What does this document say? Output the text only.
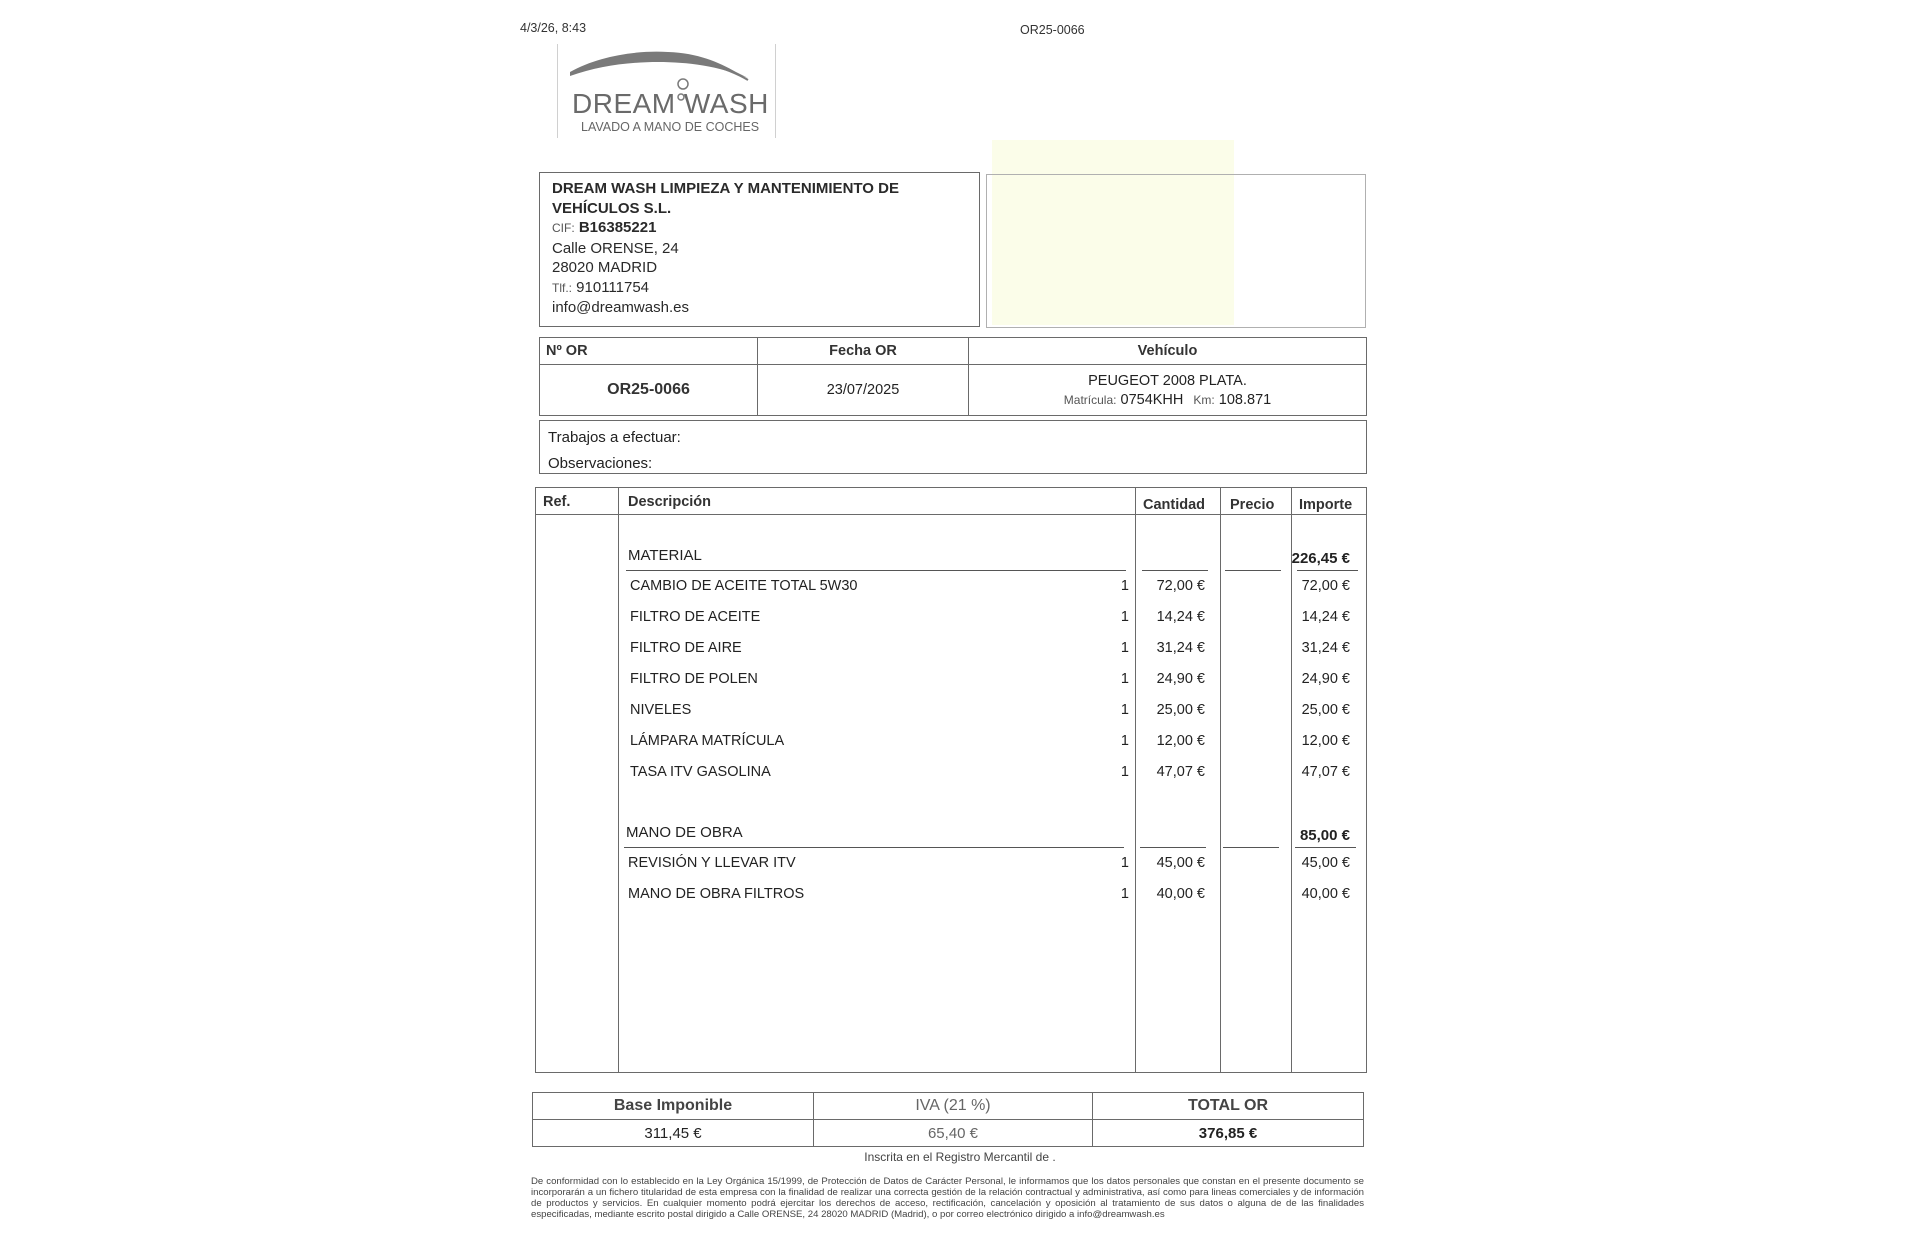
4/3/26, 8:43	OR25-0066
DREAM WASH
LAVADO A MANO DE COCHES
DREAM WASH LIMPIEZA Y MANTENIMIENTO DE VEHÍCULOS S.L.
CIF: B16385221
Calle ORENSE, 24
28020 MADRID
Tlf.: 910111754
info@dreamwash.es
Nº OR	Fecha OR	Vehículo
OR25-0066	23/07/2025	PEUGEOT 2008 PLATA.
Matrícula: 0754KHH Km: 108.871
Trabajos a efectuar:
Observaciones:
Ref.	Descripción	Cantidad Precio Importe
MATERIAL	226,45 €
CAMBIO DE ACEITE TOTAL 5W30	1 72,00 €	72,00 €
FILTRO DE ACEITE	1 14,24 €	14,24 €
FILTRO DE AIRE	1 31,24 €	31,24 €
FILTRO DE POLEN	1 24,90 €	24,90 €
NIVELES	1 25,00 €	25,00 €
LÁMPARA MATRÍCULA	1 12,00 €	12,00 €
TASA ITV GASOLINA	1 47,07 €	47,07 €
MANO DE OBRA	85,00 €
REVISIÓN Y LLEVAR ITV	1 45,00 €	45,00 €
MANO DE OBRA FILTROS	1 40,00 €	40,00 €
Base Imponible	IVA (21 %)	TOTAL OR
311,45 €	65,40 €	376,85 €
Inscrita en el Registro Mercantil de .
De conformidad con lo establecido en la Ley Orgánica 15/1999, de Protección de Datos de Carácter Personal, le informamos que los datos personales que constan en el presente documento se incorporarán a un fichero titularidad de esta empresa con la finalidad de realizar una correcta gestión de la relación contractual y administrativa, así como para lineas comerciales y de información de productos y servicios. En cualquier momento podrá ejercitar los derechos de acceso, rectificación, cancelación y oposición al tratamiento de sus datos o alguna de de las finalidades especificadas, mediante escrito postal dirigido a Calle ORENSE, 24 28020 MADRID (Madrid), o por correo electrónico dirigido a info@dreamwash.es
